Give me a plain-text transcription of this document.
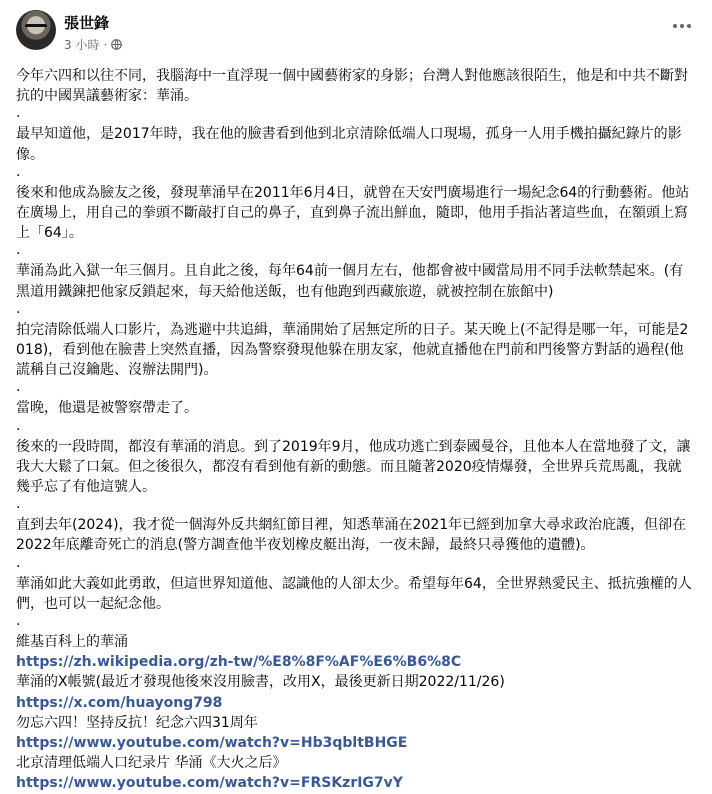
張世鋒
3 小時 ·

今年六四和以往不同，我腦海中一直浮現一個中國藝術家的身影；台灣人對他應該很陌生，他是和中共不斷對抗的中國異議藝術家：華涌。

.

最早知道他，是2017年時，我在他的臉書看到他到北京清除低端人口現場，孤身一人用手機拍攝紀錄片的影像。

.

後來和他成為臉友之後，發現華涌早在2011年6月4日，就曾在天安門廣場進行一場紀念64的行動藝術。他站在廣場上，用自己的拳頭不斷敲打自己的鼻子，直到鼻子流出鮮血，隨即，他用手指沾著這些血，在額頭上寫上「64」。

.

華涌為此入獄一年三個月。且自此之後，每年64前一個月左右，他都會被中國當局用不同手法軟禁起來。(有黑道用鐵鍊把他家反鎖起來，每天給他送飯，也有他跑到西藏旅遊，就被控制在旅館中)

.

拍完清除低端人口影片，為逃避中共追緝，華涌開始了居無定所的日子。某天晚上(不記得是哪一年，可能是2018)，看到他在臉書上突然直播，因為警察發現他躲在朋友家，他就直播他在門前和門後警方對話的過程(他謊稱自己沒鑰匙、沒辦法開門)。

.

當晚，他還是被警察帶走了。

.

後來的一段時間，都沒有華涌的消息。到了2019年9月，他成功逃亡到泰國曼谷，且他本人在當地發了文，讓我大大鬆了口氣。但之後很久，都沒有看到他有新的動態。而且隨著2020疫情爆發，全世界兵荒馬亂，我就幾乎忘了有他這號人。

.

直到去年(2024)，我才從一個海外反共網紅節目裡，知悉華涌在2021年已經到加拿大尋求政治庇護，但卻在2022年底離奇死亡的消息(警方調查他半夜划橡皮艇出海，一夜未歸，最終只尋獲他的遺體)。

.

華涌如此大義如此勇敢，但這世界知道他、認識他的人卻太少。希望每年64，全世界熱愛民主、抵抗強權的人們，也可以一起紀念他。

.

維基百科上的華涌

https://zh.wikipedia.org/zh-tw/%E8%8F%AF%E6%B6%8C

華涌的X帳號(最近才發現他後來沒用臉書，改用X，最後更新日期2022/11/26)

https://x.com/huayong798

勿忘六四！坚持反抗！纪念六四31周年

https://www.youtube.com/watch?v=Hb3qbltBHGE

北京清理低端人口纪录片 华涌《大火之后》

https://www.youtube.com/watch?v=FRSKzrIG7vY
